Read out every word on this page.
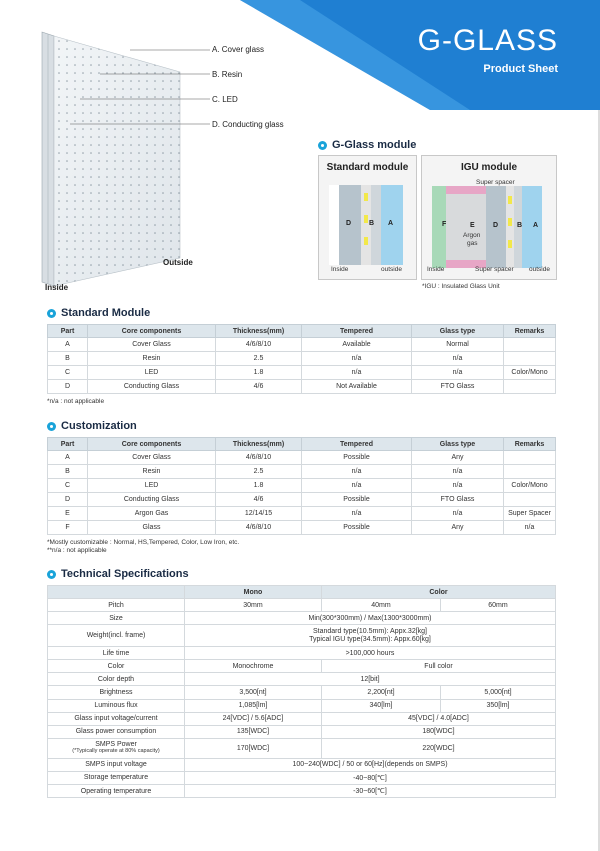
G-GLASS
Product Sheet
A. Cover glass
B. Resin
C. LED
D. Conducting glass
Outside
Inside
G-Glass module
Standard module
D	B A
Inside	outside
IGU module
Super spacer
F	E
Argon
gas
D	B A
Inside	Super spacer outside
*IGU : Insulated Glass Unit
Standard Module
Part	Core components	Thickness(mm)	Tempered	Glass type	Remarks
A	Cover Glass	4/6/8/10	Available	Normal	
B	Resin	2.5	n/a	n/a	
C	LED	1.8	n/a	n/a	Color/Mono
D	Conducting Glass	4/6	Not Available	FTO Glass	
*n/a : not applicable
Customization
Part	Core components	Thickness(mm)	Tempered	Glass type	Remarks
A	Cover Glass	4/6/8/10	Possible	Any	
B	Resin	2.5	n/a	n/a	
C	LED	1.8	n/a	n/a	Color/Mono
D	Conducting Glass	4/6	Possible	FTO Glass	
E	Argon Gas	12/14/15	n/a	n/a	Super Spacer
F	Glass	4/6/8/10	Possible	Any	n/a
*Mostly customizable : Normal, HS,Tempered, Color, Low Iron, etc.
**n/a : not applicable
Technical Specifications
	Mono	Color	
Pitch	30mm	40mm	60mm
Size	Min(300*300mm) / Max(1300*3000mm)		
Weight(incl. frame)	Standard type(10.5mm): Appx.32[kg]
Typical IGU type(34.5mm): Appx.60[kg]		

Life time	>100,000 hours		
Color	Monochrome	Full color	
Color depth	12[bit]		
Brightness	3,500[nt]	2,200[nt]	5,000[nt]
Luminous flux	1,085[lm]	340[lm]	350[lm]
Glass input voltage/current	24[VDC] / 5.6[ADC]	45[VDC] / 4.0[ADC]	
Glass power consumption	135[WDC]	180[WDC]	

SMPS Power
(*Typically operate at 80% capacity)	170[WDC]	220[WDC]	
SMPS input voltage	100~240[WDC] / 50 or 60[Hz](depends on SMPS)		
Storage temperature	-40~80[℃]		
Operating temperature	-30~60[℃]		
